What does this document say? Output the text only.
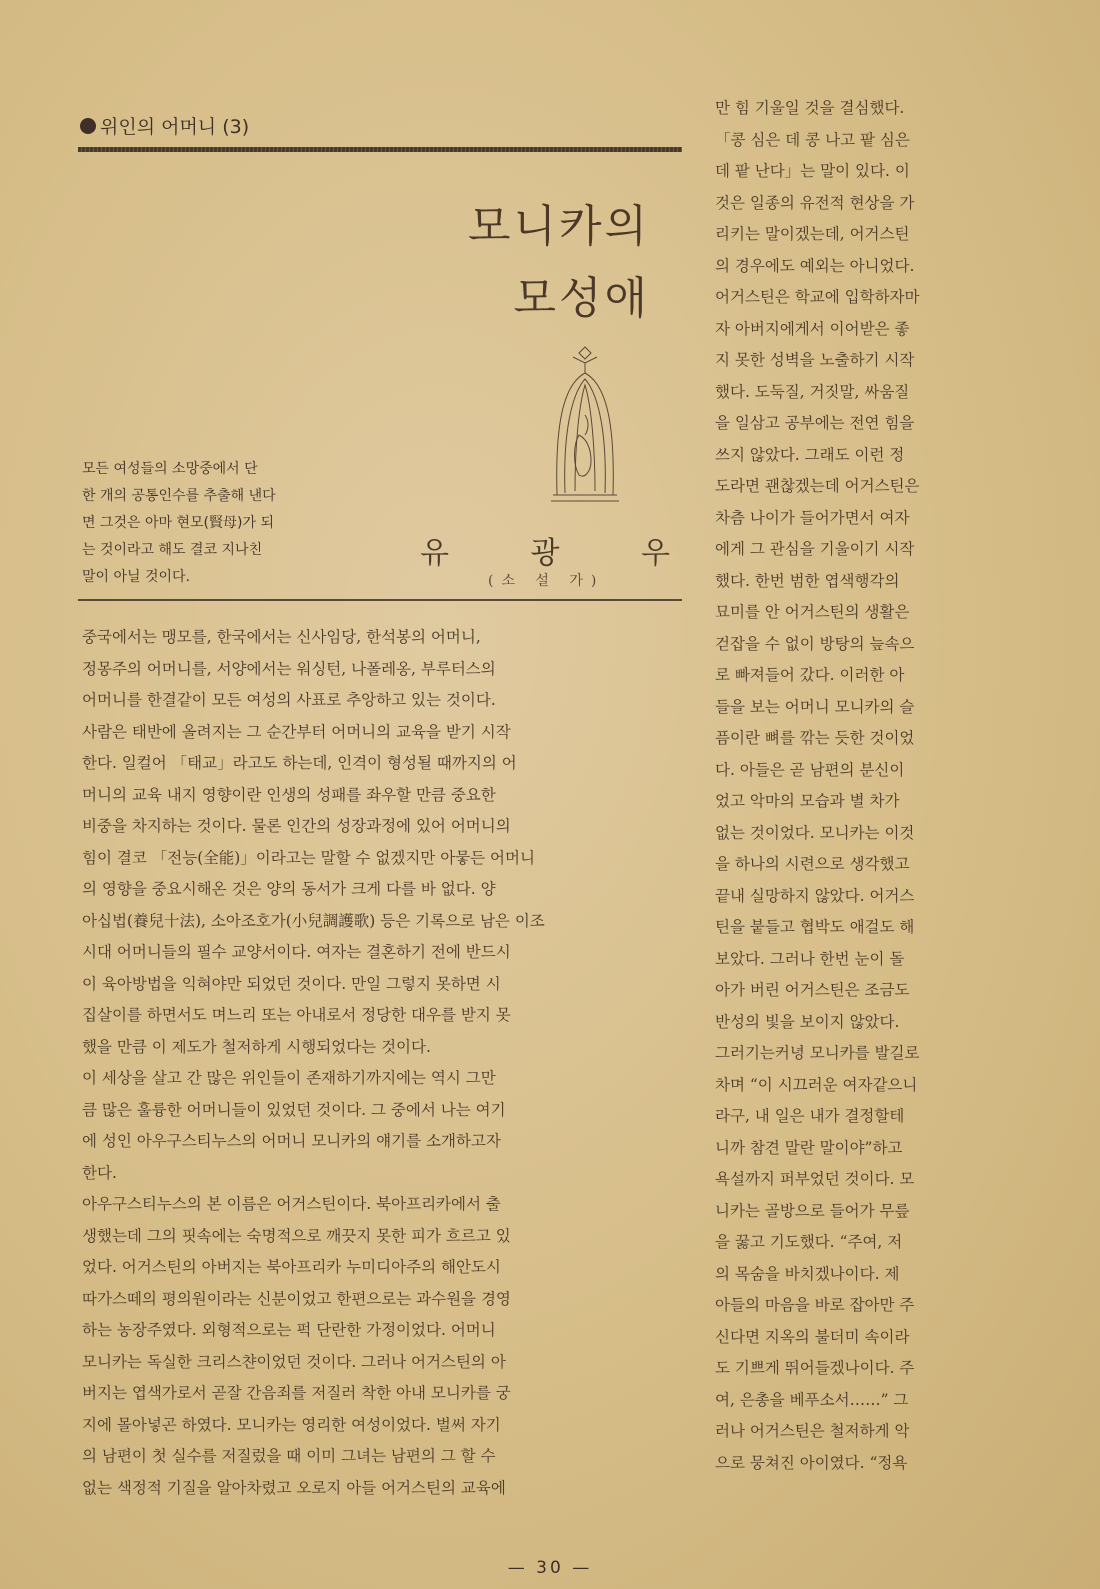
위인의 어머니 (3)
모니카의
모성애
모든 여성들의 소망중에서 단
한 개의 공통인수를 추출해 낸다
면 그것은 아마 현모(賢母)가 되
는 것이라고 해도 결코 지나친
말이 아닐 것이다.
유	광	우
(소 설 가)
중국에서는 맹모를, 한국에서는 신사임당, 한석봉의 어머니,
정몽주의 어머니를, 서양에서는 워싱턴, 나폴레옹, 부루터스의
어머니를 한결같이 모든 여성의 사표로 추앙하고 있는 것이다.
사람은 태반에 올려지는 그 순간부터 어머니의 교육을 받기 시작
한다. 일컬어 「태교」라고도 하는데, 인격이 형성될 때까지의 어
머니의 교육 내지 영향이란 인생의 성패를 좌우할 만큼 중요한
비중을 차지하는 것이다. 물론 인간의 성장과정에 있어 어머니의
힘이 결코 「전능(全能)」이라고는 말할 수 없겠지만 아뭏든 어머니
의 영향을 중요시해온 것은 양의 동서가 크게 다를 바 없다. 양
아십법(養兒十法), 소아조호가(小兒調護歌) 등은 기록으로 남은 이조
시대 어머니들의 필수 교양서이다. 여자는 결혼하기 전에 반드시
이 육아방법을 익혀야만 되었던 것이다. 만일 그렇지 못하면 시
집살이를 하면서도 며느리 또는 아내로서 정당한 대우를 받지 못
했을 만큼 이 제도가 철저하게 시행되었다는 것이다.
이 세상을 살고 간 많은 위인들이 존재하기까지에는 역시 그만
큼 많은 훌륭한 어머니들이 있었던 것이다. 그 중에서 나는 여기
에 성인 아우구스티누스의 어머니 모니카의 얘기를 소개하고자
한다.
아우구스티누스의 본 이름은 어거스틴이다. 북아프리카에서 출
생했는데 그의 핏속에는 숙명적으로 깨끗지 못한 피가 흐르고 있
었다. 어거스틴의 아버지는 북아프리카 누미디아주의 해안도시
따가스떼의 평의원이라는 신분이었고 한편으로는 과수원을 경영
하는 농장주였다. 외형적으로는 퍽 단란한 가정이었다. 어머니
모니카는 독실한 크리스챤이었던 것이다. 그러나 어거스틴의 아
버지는 엽색가로서 곧잘 간음죄를 저질러 착한 아내 모니카를 궁
지에 몰아넣곤 하였다. 모니카는 영리한 여성이었다. 벌써 자기
의 남편이 첫 실수를 저질렀을 때 이미 그녀는 남편의 그 할 수
없는 색정적 기질을 알아차렸고 오로지 아들 어거스틴의 교육에
만 힘 기울일 것을 결심했다.
「콩 심은 데 콩 나고 팥 심은
데 팥 난다」는 말이 있다. 이
것은 일종의 유전적 현상을 가
리키는 말이겠는데, 어거스틴
의 경우에도 예외는 아니었다.
어거스틴은 학교에 입학하자마
자 아버지에게서 이어받은 좋
지 못한 성벽을 노출하기 시작
했다. 도둑질, 거짓말, 싸움질
을 일삼고 공부에는 전연 힘을
쓰지 않았다. 그래도 이런 정
도라면 괜찮겠는데 어거스틴은
차츰 나이가 들어가면서 여자
에게 그 관심을 기울이기 시작
했다. 한번 범한 엽색행각의
묘미를 안 어거스틴의 생활은
걷잡을 수 없이 방탕의 늪속으
로 빠져들어 갔다. 이러한 아
들을 보는 어머니 모니카의 슬
픔이란 뼈를 깎는 듯한 것이었
다. 아들은 곧 남편의 분신이
었고 악마의 모습과 별 차가
없는 것이었다. 모니카는 이것
을 하나의 시련으로 생각했고
끝내 실망하지 않았다. 어거스
틴을 붙들고 협박도 애걸도 해
보았다. 그러나 한번 눈이 돌
아가 버린 어거스틴은 조금도
반성의 빛을 보이지 않았다.
그러기는커녕 모니카를 발길로
차며 “이 시끄러운 여자같으니
라구, 내 일은 내가 결정할테
니까 참견 말란 말이야”하고
욕설까지 퍼부었던 것이다. 모
니카는 골방으로 들어가 무릎
을 꿇고 기도했다. “주여, 저
의 목숨을 바치겠나이다. 제
아들의 마음을 바로 잡아만 주
신다면 지옥의 불더미 속이라
도 기쁘게 뛰어들겠나이다. 주
여, 은총을 베푸소서……” 그
러나 어거스틴은 철저하게 악
으로 뭉쳐진 아이였다. “정욕
— 30 —
